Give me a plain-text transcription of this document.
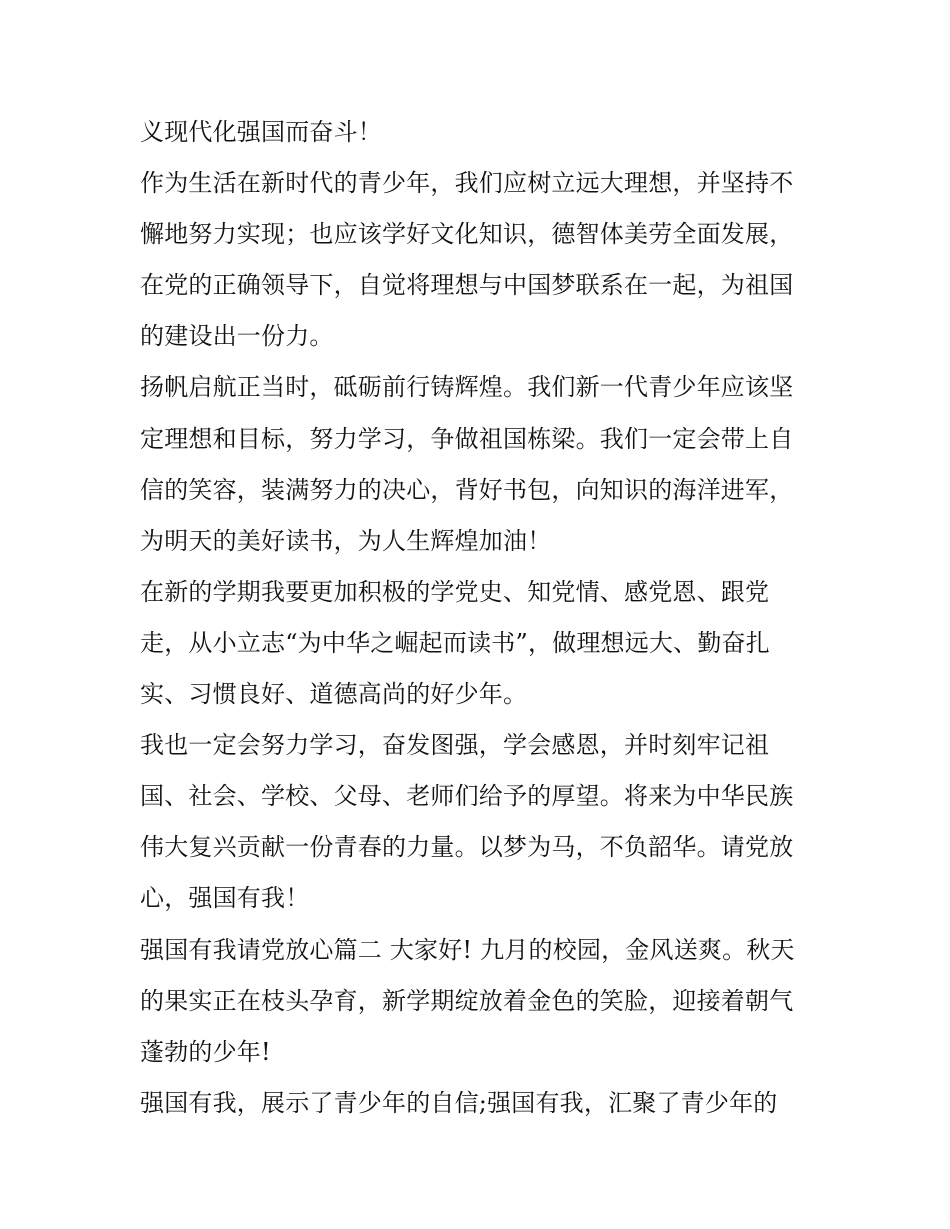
义现代化强国而奋斗！
作为生活在新时代的青少年，我们应树立远大理想，并坚持不
懈地努力实现；也应该学好文化知识，德智体美劳全面发展，
在党的正确领导下，自觉将理想与中国梦联系在一起，为祖国
的建设出一份力。
扬帆启航正当时，砥砺前行铸辉煌。我们新一代青少年应该坚
定理想和目标，努力学习，争做祖国栋梁。我们一定会带上自
信的笑容，装满努力的决心，背好书包，向知识的海洋进军，
为明天的美好读书，为人生辉煌加油！
在新的学期我要更加积极的学党史、知党情、感党恩、跟党
走，从小立志“为中华之崛起而读书”，做理想远大、勤奋扎
实、习惯良好、道德高尚的好少年。
我也一定会努力学习，奋发图强，学会感恩，并时刻牢记祖
国、社会、学校、父母、老师们给予的厚望。将来为中华民族
伟大复兴贡献一份青春的力量。以梦为马，不负韶华。请党放
心，强国有我！
强国有我请党放心篇二 大家好! 九月的校园，金风送爽。秋天
的果实正在枝头孕育，新学期绽放着金色的笑脸，迎接着朝气
蓬勃的少年!
强国有我，展示了青少年的自信;强国有我，汇聚了青少年的
